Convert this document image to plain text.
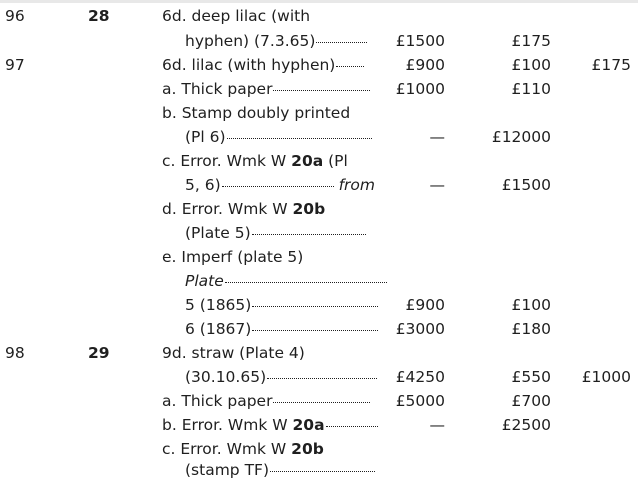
96	28	6d. deep lilac (with
hyphen) (7.3.65)	£1500	£175
97	6d. lilac (with hyphen)	£900	£100	£175
a. Thick paper	£1000	£110
b. Stamp doubly printed
(Pl 6)	—	£12000
c. Error. Wmk W 20a (Pl
5, 6)	from	—	£1500
d. Error. Wmk W 20b
(Plate 5)
e. Imperf (plate 5)
Plate
5 (1865)	£900	£100
6 (1867)	£3000	£180
98	29	9d. straw (Plate 4)
(30.10.65)	£4250	£550 £1000
a. Thick paper	£5000	£700
b. Error. Wmk W 20a	—	£2500
c. Error. Wmk W 20b
(stamp TF)
